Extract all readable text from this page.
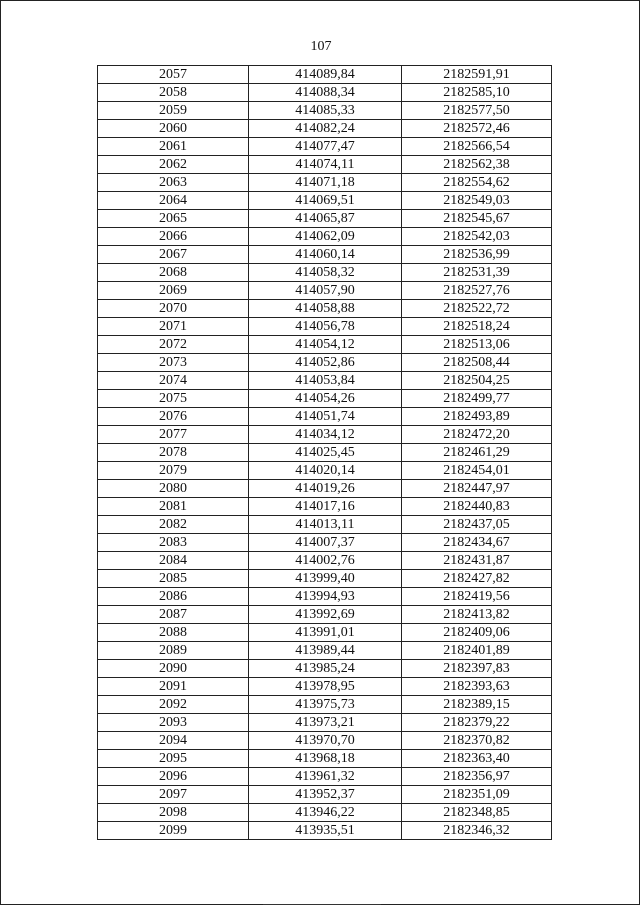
107
2057	414089,84	2182591,91
2058	414088,34	2182585,10
2059	414085,33	2182577,50
2060	414082,24	2182572,46
2061	414077,47	2182566,54
2062	414074,11	2182562,38
2063	414071,18	2182554,62
2064	414069,51	2182549,03
2065	414065,87	2182545,67
2066	414062,09	2182542,03
2067	414060,14	2182536,99
2068	414058,32	2182531,39
2069	414057,90	2182527,76
2070	414058,88	2182522,72
2071	414056,78	2182518,24
2072	414054,12	2182513,06
2073	414052,86	2182508,44
2074	414053,84	2182504,25
2075	414054,26	2182499,77
2076	414051,74	2182493,89
2077	414034,12	2182472,20
2078	414025,45	2182461,29
2079	414020,14	2182454,01
2080	414019,26	2182447,97
2081	414017,16	2182440,83
2082	414013,11	2182437,05
2083	414007,37	2182434,67
2084	414002,76	2182431,87
2085	413999,40	2182427,82
2086	413994,93	2182419,56
2087	413992,69	2182413,82
2088	413991,01	2182409,06
2089	413989,44	2182401,89
2090	413985,24	2182397,83
2091	413978,95	2182393,63
2092	413975,73	2182389,15
2093	413973,21	2182379,22
2094	413970,70	2182370,82
2095	413968,18	2182363,40
2096	413961,32	2182356,97
2097	413952,37	2182351,09
2098	413946,22	2182348,85
2099	413935,51	2182346,32
